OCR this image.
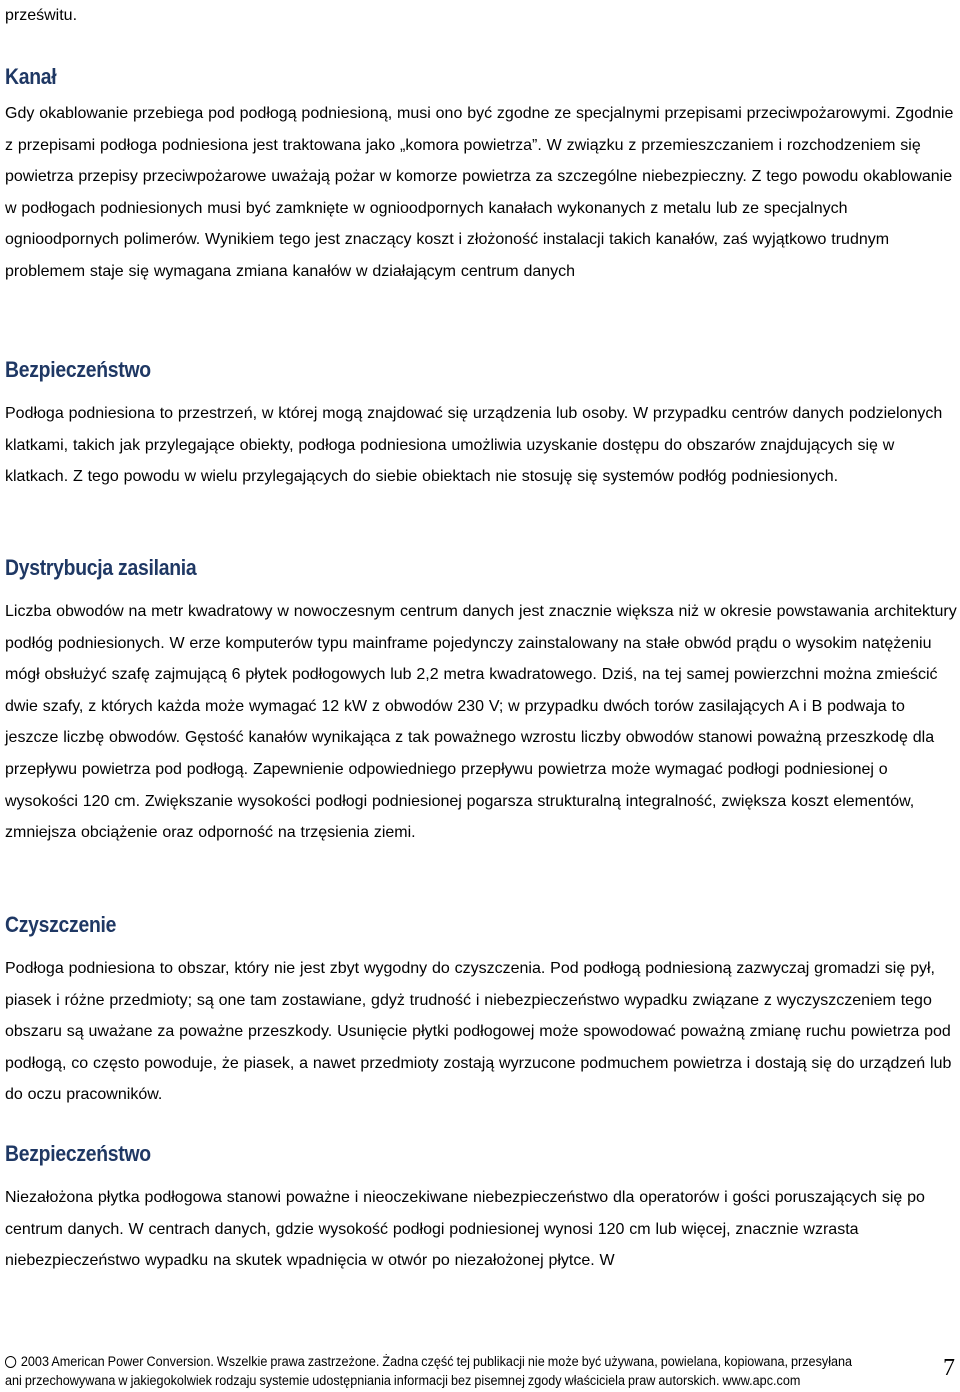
prześwitu.

Kanał

Gdy okablowanie przebiega pod podłogą podniesioną, musi ono być zgodne ze specjalnymi przepisami przeciwpożarowymi. Zgodnie z przepisami podłoga podniesiona jest traktowana jako „komora powietrza”. W związku z przemieszczaniem i rozchodzeniem się powietrza przepisy przeciwpożarowe uważają pożar w komorze powietrza za szczególne niebezpieczny. Z tego powodu okablowanie w podłogach podniesionych musi być zamknięte w ognioodpornych kanałach wykonanych z metalu lub ze specjalnych ognioodpornych polimerów. Wynikiem tego jest znaczący koszt i złożoność instalacji takich kanałów, zaś wyjątkowo trudnym problemem staje się wymagana zmiana kanałów w działającym centrum danych

Bezpieczeństwo

Podłoga podniesiona to przestrzeń, w której mogą znajdować się urządzenia lub osoby. W przypadku centrów danych podzielonych klatkami, takich jak przylegające obiekty, podłoga podniesiona umożliwia uzyskanie dostępu do obszarów znajdujących się w klatkach. Z tego powodu w wielu przylegających do siebie obiektach nie stosuję się systemów podłóg podniesionych.

Dystrybucja zasilania

Liczba obwodów na metr kwadratowy w nowoczesnym centrum danych jest znacznie większa niż w okresie powstawania architektury podłóg podniesionych. W erze komputerów typu mainframe pojedynczy zainstalowany na stałe obwód prądu o wysokim natężeniu mógł obsłużyć szafę zajmującą 6 płytek podłogowych lub 2,2 metra kwadratowego. Dziś, na tej samej powierzchni można zmieścić dwie szafy, z których każda może wymagać 12 kW z obwodów 230 V; w przypadku dwóch torów zasilających A i B podwaja to jeszcze liczbę obwodów. Gęstość kanałów wynikająca z tak poważnego wzrostu liczby obwodów stanowi poważną przeszkodę dla przepływu powietrza pod podłogą. Zapewnienie odpowiedniego przepływu powietrza może wymagać podłogi podniesionej o wysokości 120 cm. Zwiększanie wysokości podłogi podniesionej pogarsza strukturalną integralność, zwiększa koszt elementów, zmniejsza obciążenie oraz odporność na trzęsienia ziemi.

Czyszczenie

Podłoga podniesiona to obszar, który nie jest zbyt wygodny do czyszczenia. Pod podłogą podniesioną zazwyczaj gromadzi się pył, piasek i różne przedmioty; są one tam zostawiane, gdyż trudność i niebezpieczeństwo wypadku związane z wyczyszczeniem tego obszaru są uważane za poważne przeszkody. Usunięcie płytki podłogowej może spowodować poważną zmianę ruchu powietrza pod podłogą, co często powoduje, że piasek, a nawet przedmioty zostają wyrzucone podmuchem powietrza i dostają się do urządzeń lub do oczu pracowników.

Bezpieczeństwo

Niezałożona płytka podłogowa stanowi poważne i nieoczekiwane niebezpieczeństwo dla operatorów i gości poruszających się po centrum danych. W centrach danych, gdzie wysokość podłogi podniesionej wynosi 120 cm lub więcej, znacznie wzrasta niebezpieczeństwo wypadku na skutek wpadnięcia w otwór po niezałożonej płytce. W

2003 American Power Conversion. Wszelkie prawa zastrzeżone. Żadna część tej publikacji nie może być używana, powielana, kopiowana, przesyłana
ani przechowywana w jakiegokolwiek rodzaju systemie udostępniania informacji bez pisemnej zgody właściciela praw autorskich. www.apc.com	7
